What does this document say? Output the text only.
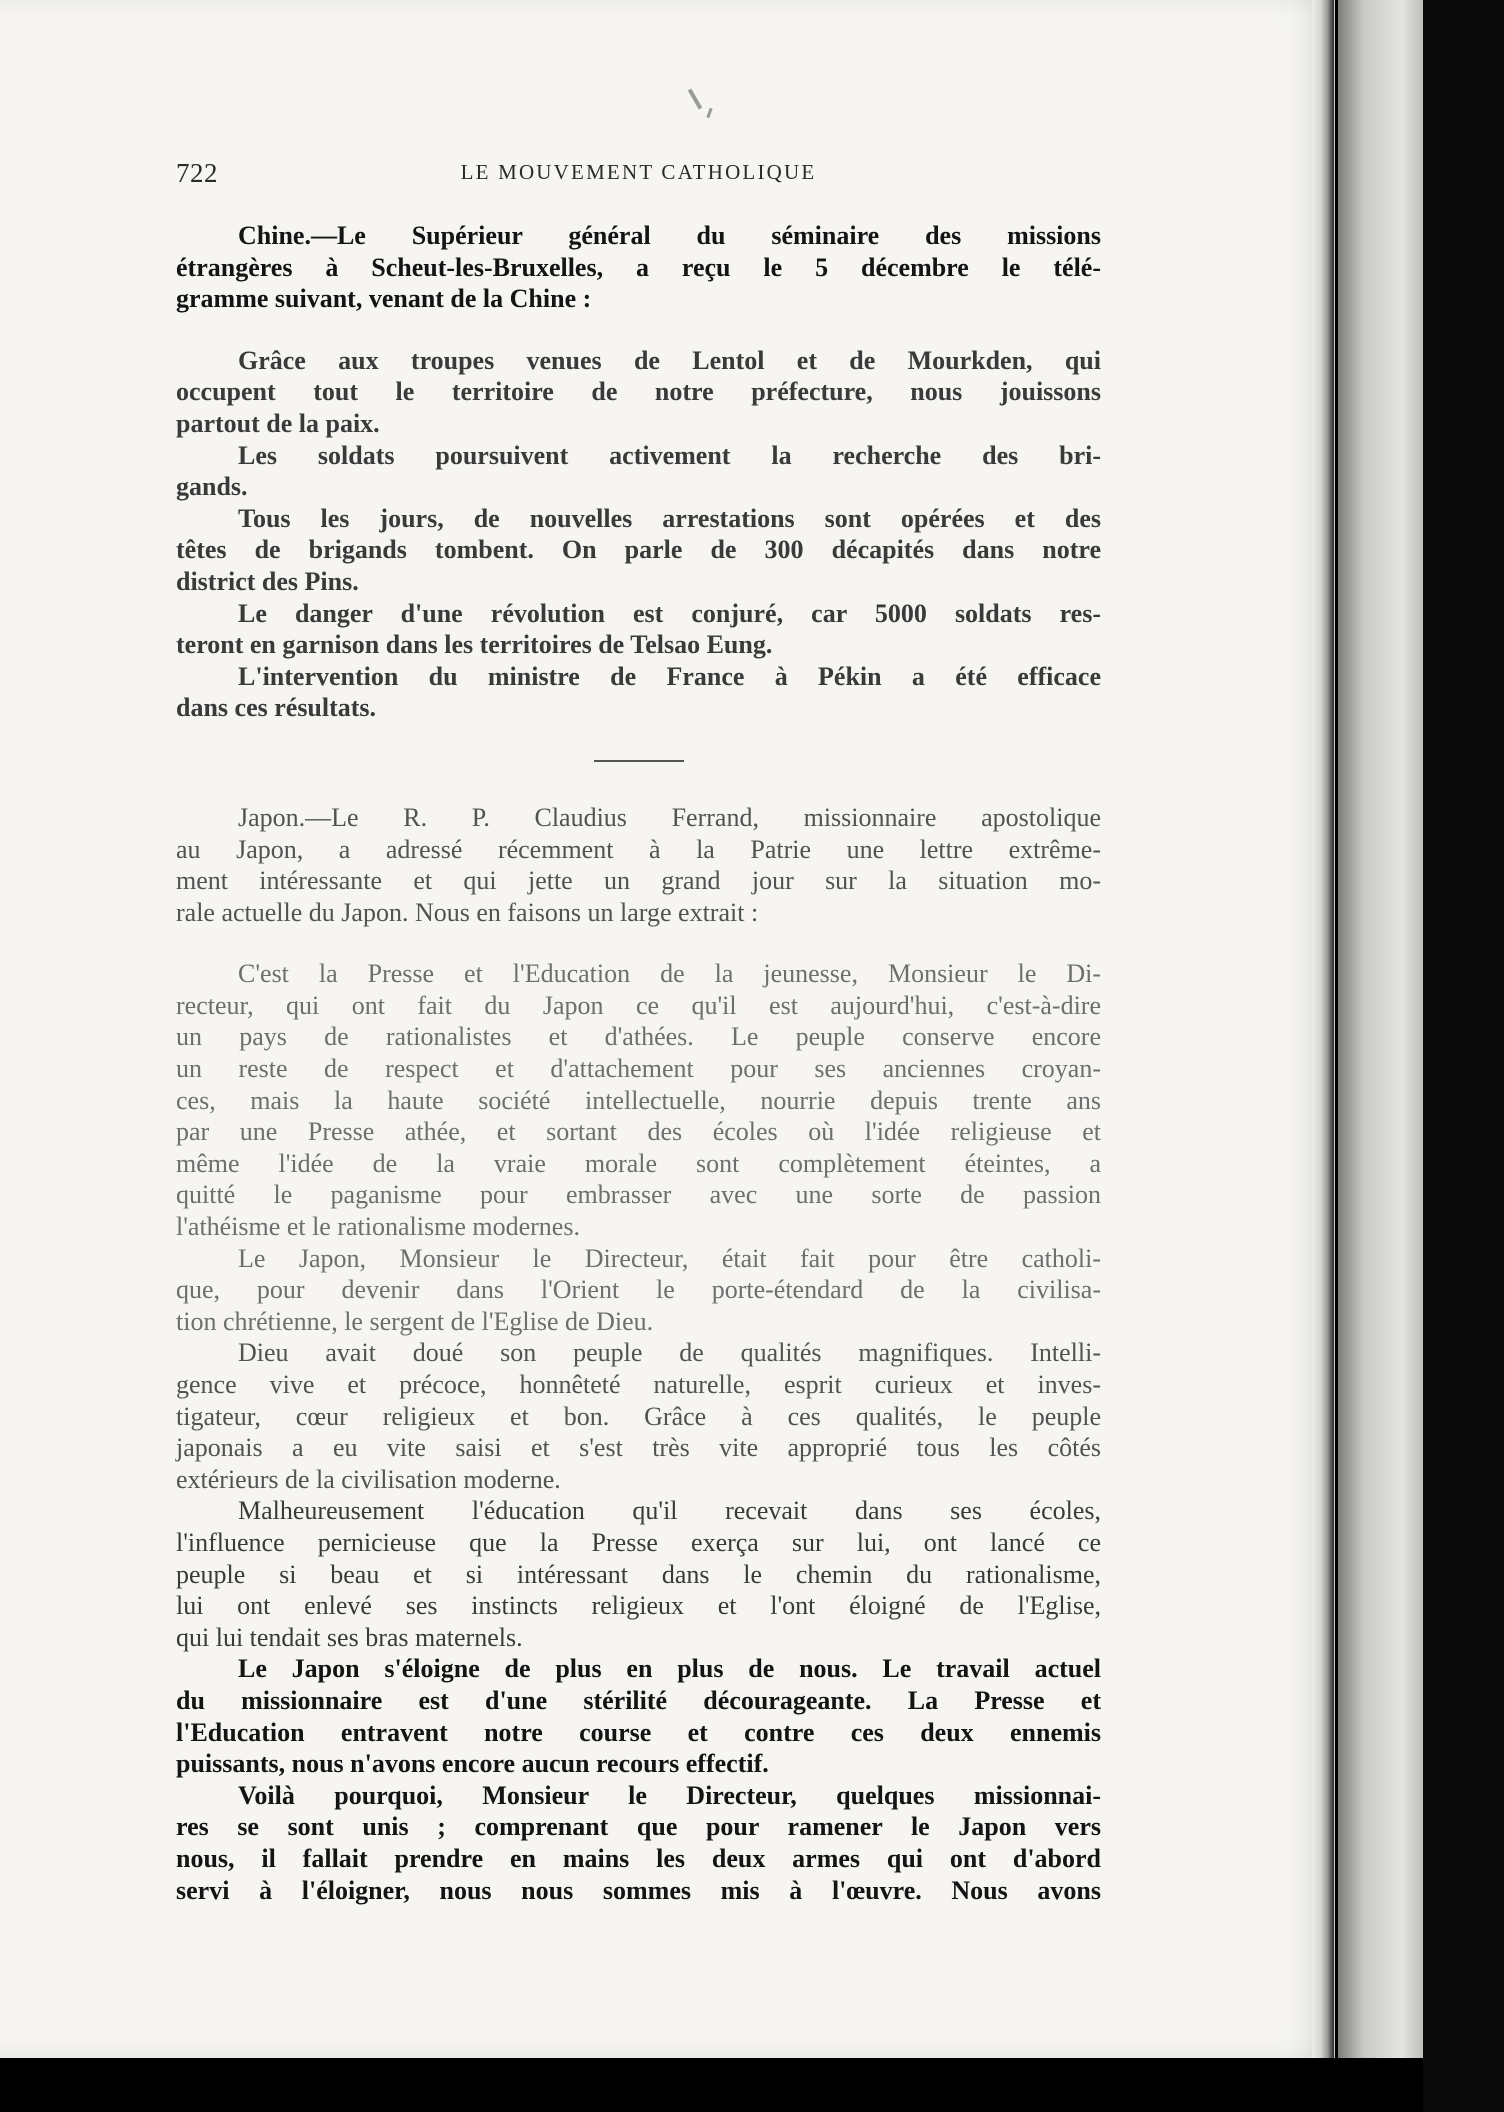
722	LE MOUVEMENT CATHOLIQUE
Chine.—Le Supérieur général du séminaire des missions
étrangères à Scheut-les-Bruxelles, a reçu le 5 décembre le télé-
gramme suivant, venant de la Chine :
Grâce aux troupes venues de Lentol et de Mourkden, qui
occupent tout le territoire de notre préfecture, nous jouissons
partout de la paix.
Les soldats poursuivent activement la recherche des bri-
gands.
Tous les jours, de nouvelles arrestations sont opérées et des
têtes de brigands tombent. On parle de 300 décapités dans notre
district des Pins.
Le danger d'une révolution est conjuré, car 5000 soldats res-
teront en garnison dans les territoires de Telsao Eung.
L'intervention du ministre de France à Pékin a été efficace
dans ces résultats.
Japon.—Le R. P. Claudius Ferrand, missionnaire apostolique
au Japon, a adressé récemment à la Patrie une lettre extrême-
ment intéressante et qui jette un grand jour sur la situation mo-
rale actuelle du Japon. Nous en faisons un large extrait :
C'est la Presse et l'Education de la jeunesse, Monsieur le Di-
recteur, qui ont fait du Japon ce qu'il est aujourd'hui, c'est-à-dire
un pays de rationalistes et d'athées. Le peuple conserve encore
un reste de respect et d'attachement pour ses anciennes croyan-
ces, mais la haute société intellectuelle, nourrie depuis trente ans
par une Presse athée, et sortant des écoles où l'idée religieuse et
même l'idée de la vraie morale sont complètement éteintes, a
quitté le paganisme pour embrasser avec une sorte de passion
l'athéisme et le rationalisme modernes.
Le Japon, Monsieur le Directeur, était fait pour être catholi-
que, pour devenir dans l'Orient le porte-étendard de la civilisa-
tion chrétienne, le sergent de l'Eglise de Dieu.
Dieu avait doué son peuple de qualités magnifiques. Intelli-
gence vive et précoce, honnêteté naturelle, esprit curieux et inves-
tigateur, cœur religieux et bon. Grâce à ces qualités, le peuple
japonais a eu vite saisi et s'est très vite approprié tous les côtés
extérieurs de la civilisation moderne.
Malheureusement l'éducation qu'il recevait dans ses écoles,
l'influence pernicieuse que la Presse exerça sur lui, ont lancé ce
peuple si beau et si intéressant dans le chemin du rationalisme,
lui ont enlevé ses instincts religieux et l'ont éloigné de l'Eglise,
qui lui tendait ses bras maternels.
Le Japon s'éloigne de plus en plus de nous. Le travail actuel
du missionnaire est d'une stérilité décourageante. La Presse et
l'Education entravent notre course et contre ces deux ennemis
puissants, nous n'avons encore aucun recours effectif.
Voilà pourquoi, Monsieur le Directeur, quelques missionnai-
res se sont unis ; comprenant que pour ramener le Japon vers
nous, il fallait prendre en mains les deux armes qui ont d'abord
servi à l'éloigner, nous nous sommes mis à l'œuvre. Nous avons
